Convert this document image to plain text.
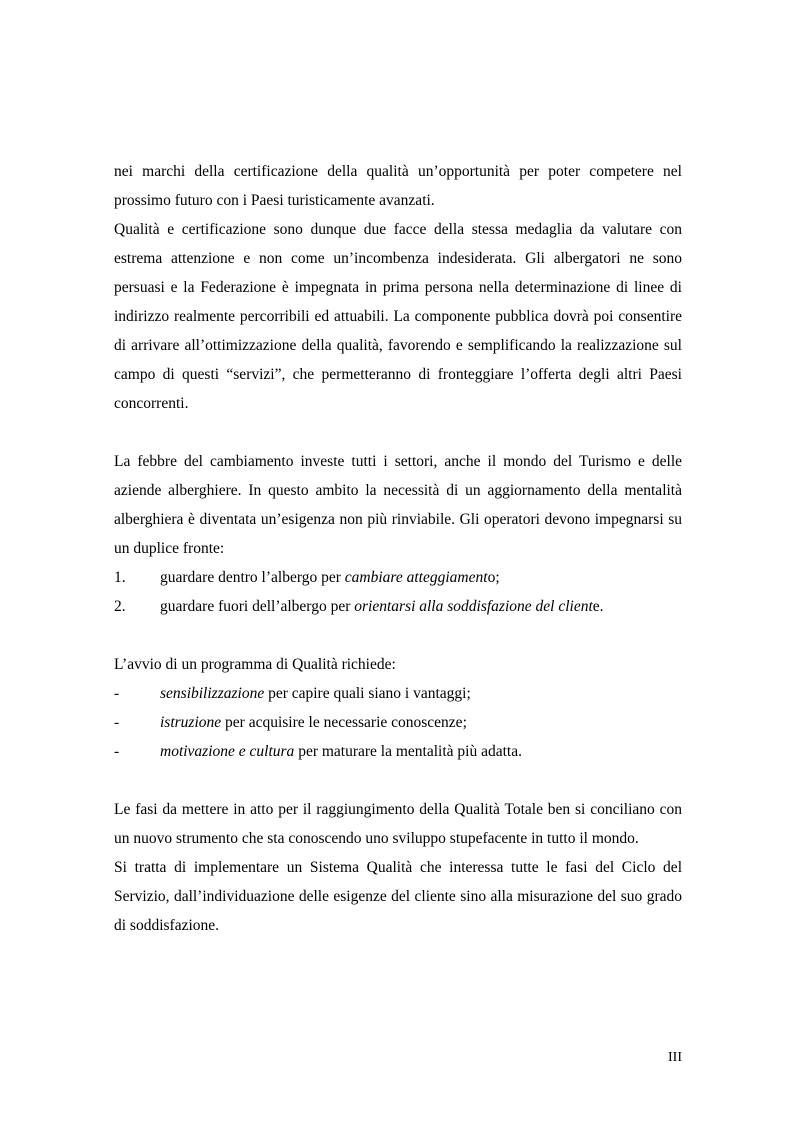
nei marchi della certificazione della qualità un’opportunità per poter competere nel prossimo futuro con i Paesi turisticamente avanzati.

Qualità e certificazione sono dunque due facce della stessa medaglia da valutare con estrema attenzione e non come un’incombenza indesiderata. Gli albergatori ne sono persuasi e la Federazione è impegnata in prima persona nella determinazione di linee di indirizzo realmente percorribili ed attuabili. La componente pubblica dovrà poi consentire di arrivare all’ottimizzazione della qualità, favorendo e semplificando la realizzazione sul campo di questi “servizi”, che permetteranno di fronteggiare l’offerta degli altri Paesi concorrenti.

La febbre del cambiamento investe tutti i settori, anche il mondo del Turismo e delle aziende alberghiere. In questo ambito la necessità di un aggiornamento della mentalità alberghiera è diventata un’esigenza non più rinviabile. Gli operatori devono impegnarsi su un duplice fronte:

1.	guardare dentro l’albergo per cambiare atteggiamento;
2.	guardare fuori dell’albergo per orientarsi alla soddisfazione del cliente.

L’avvio di un programma di Qualità richiede:

-	sensibilizzazione per capire quali siano i vantaggi;
-	istruzione per acquisire le necessarie conoscenze;
-	motivazione e cultura per maturare la mentalità più adatta.

Le fasi da mettere in atto per il raggiungimento della Qualità Totale ben si conciliano con un nuovo strumento che sta conoscendo uno sviluppo stupefacente in tutto il mondo.

Si tratta di implementare un Sistema Qualità che interessa tutte le fasi del Ciclo del Servizio, dall’individuazione delle esigenze del cliente sino alla misurazione del suo grado di soddisfazione.

III
